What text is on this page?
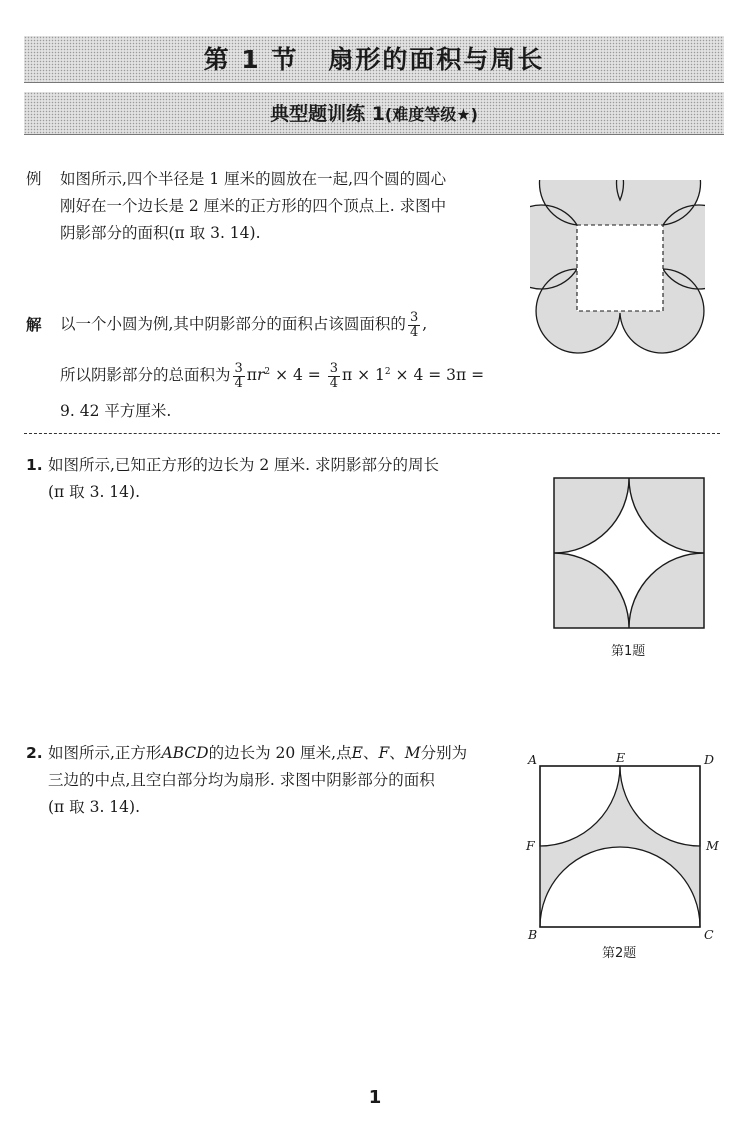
第 1 节 扇形的面积与周长
典型题训练 1(难度等级★)
例 如图所示,四个半径是 1 厘米的圆放在一起,四个圆的圆心
刚好在一个边长是 2 厘米的正方形的四个顶点上. 求图中
阴影部分的面积(π 取 3. 14).
解 以一个小圆为例,其中阴影部分的面积占该圆面积的 $\frac{3}{4}$ ,
所以阴影部分的总面积为 $\frac{3}{4} \pi r^2 \times 4 = \frac{3}{4}$ $\pi \times 1^2 \times 4 = 3\pi$ =
9. 42 平方厘米.
1. 如图所示,已知正方形的边长为 2 厘米. 求阴影部分的周长
(π 取 3. 14).
第1题
2. 如图所示,正方形ABCD的边长为 20 厘米,点E、F、M分别为
三边的中点,且空白部分均为扇形. 求图中阴影部分的面积
(π 取 3. 14).
A	E	D
F	M
B	C
第2题
1
